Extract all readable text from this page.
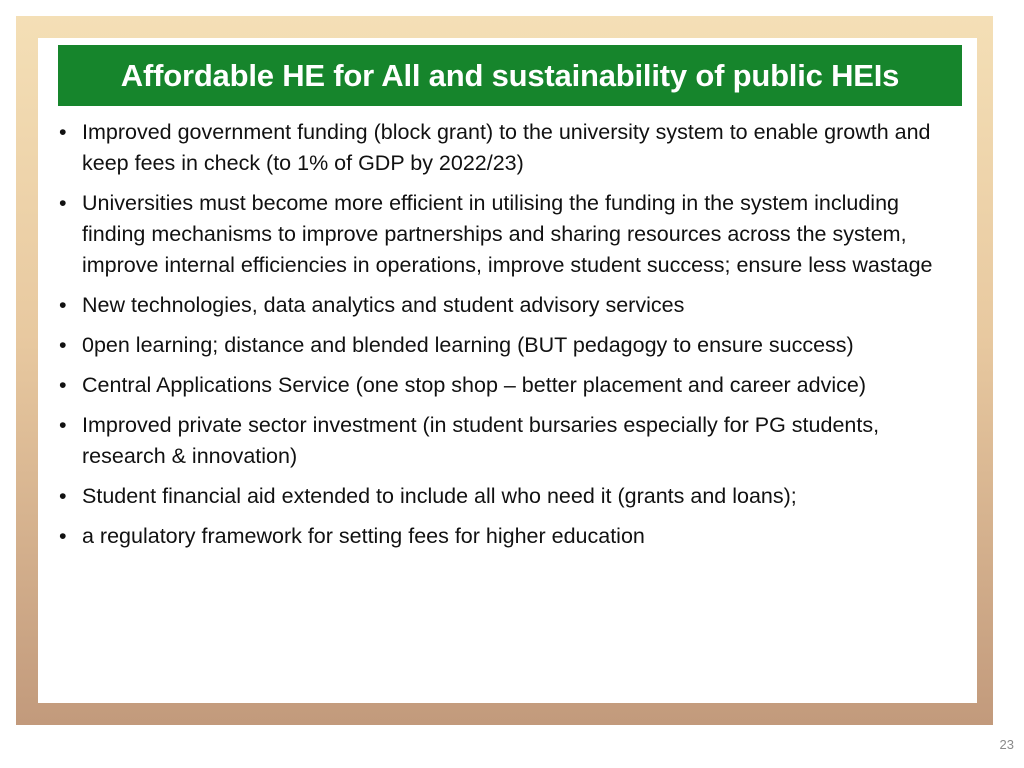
Affordable HE for All and sustainability of public HEIs
• Improved government funding (block grant) to the university system to enable growth and keep fees in check (to 1% of GDP by 2022/23)
• Universities must become more efficient in utilising the funding in the system including finding mechanisms to improve partnerships and sharing resources across the system, improve internal efficiencies in operations, improve student success; ensure less wastage
• New technologies, data analytics and student advisory services
• 0pen learning; distance and blended learning (BUT pedagogy to ensure success)
• Central Applications Service (one stop shop – better placement and career advice)
• Improved private sector investment (in student bursaries especially for PG students, research & innovation)
• Student financial aid extended to include all who need it (grants and loans);
• a regulatory framework for setting fees for higher education
23
